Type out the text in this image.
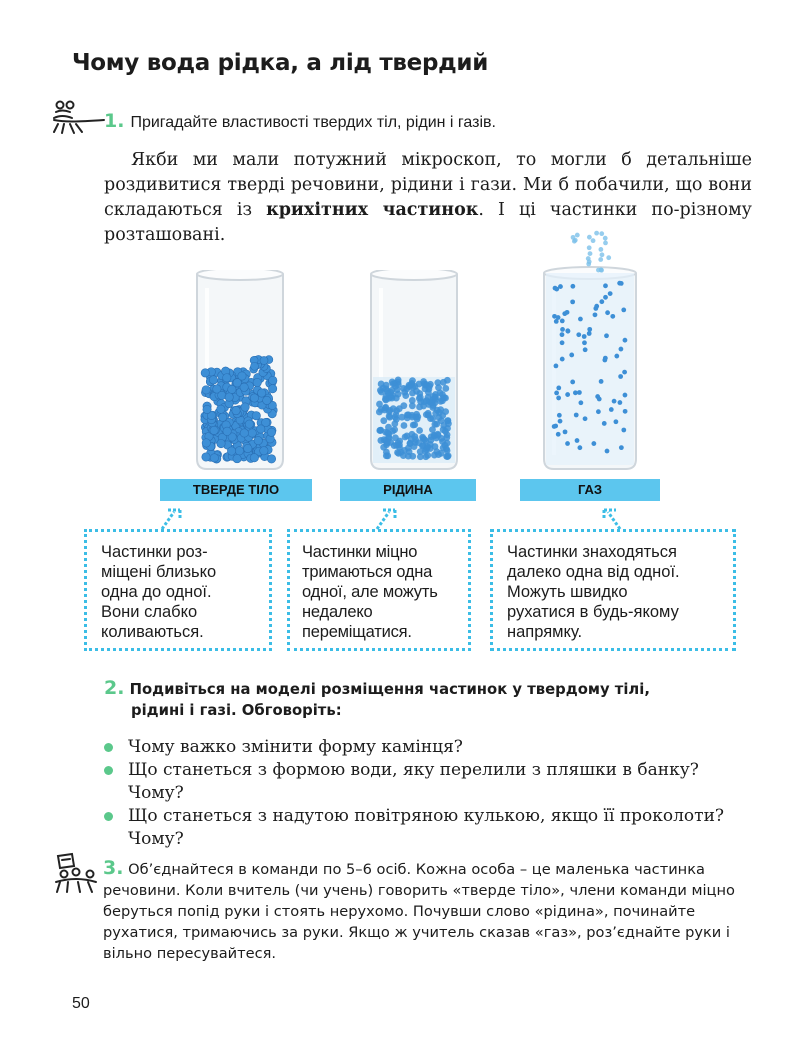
Чому вода рідка, а лід твердий
1. Пригадайте властивості твердих тіл, рідин і газів.
Якби ми мали потужний мікроскоп, то могли б детальніше роздивитися тверді речовини, рідини і гази. Ми б побачили, що вони складаються із крихітних частинок. І ці частинки по-різному розташовані.
ТВЕРДЕ ТІЛО	РІДИНА	ГАЗ
Частинки роз-
міщені близько
одна до одної.
Вони слабко
коливаються.
Частинки міцно
тримаються одна
одної, але можуть
недалеко переміщатися.
Частинки знаходяться
далеко одна від одної.
Можуть швидко
рухатися в будь-якому
напрямку.
2. Подивіться на моделі розміщення частинок у твердому тілі,
рідині і газі. Обговоріть:
Чому важко змінити форму камінця?
Що станеться з формою води, яку перелили з пляшки в банку? Чому?
Що станеться з надутою повітряною кулькою, якщо її проколоти? Чому?
3. Об’єднайтеся в команди по 5–6 осіб. Кожна особа – це маленька частинка речовини. Коли вчитель (чи учень) говорить «тверде тіло», члени команди міцно беруться попід руки і стоять нерухомо. Почувши слово «рідина», починайте рухатися, тримаючись за руки. Якщо ж учитель сказав «газ», роз’єднайте руки і вільно пересувайтеся.
50
